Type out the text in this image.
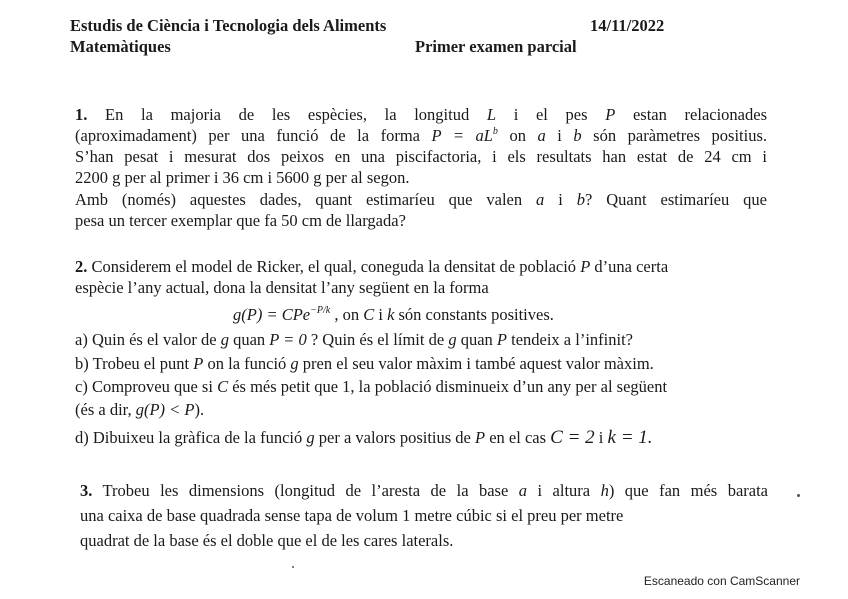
Estudis de Ciència i Tecnologia dels Aliments	14/11/2022
Matemàtiques	Primer examen parcial
1. En la majoria de les espècies, la longitud L i el pes P estan relacionades
(aproximadament) per una funció de la forma $P = aL^b$ on a i b són paràmetres positius.
S’han pesat i mesurat dos peixos en una piscifactoria, i els resultats han estat de 24 cm i
2200 g per al primer i 36 cm i 5600 g per al segon.
Amb (només) aquestes dades, quant estimaríeu que valen a i b? Quant estimaríeu que
pesa un tercer exemplar que fa 50 cm de llargada?
2. Considerem el model de Ricker, el qual, coneguda la densitat de població P d’una certa
espècie l’any actual, dona la densitat l’any següent en la forma
g(P) = CPe$^{-P/k}$ , on C i k són constants positives.
a) Quin és el valor de g quan P = 0 ? Quin és el límit de g quan P tendeix a l’infinit?
b) Trobeu el punt P on la funció g pren el seu valor màxim i també aquest valor màxim.
c) Comproveu que si C és més petit que 1, la població disminueix d’un any per al següent
(és a dir, g(P) < P).
d) Dibuixeu la gràfica de la funció g per a valors positius de P en el cas C = 2 i k = 1.
3. Trobeu les dimensions (longitud de l’aresta de la base a i altura h) que fan més barata
una caixa de base quadrada sense tapa de volum 1 metre cúbic si el preu per metre
quadrat de la base és el doble que el de les cares laterals.
Escaneado con CamScanner
